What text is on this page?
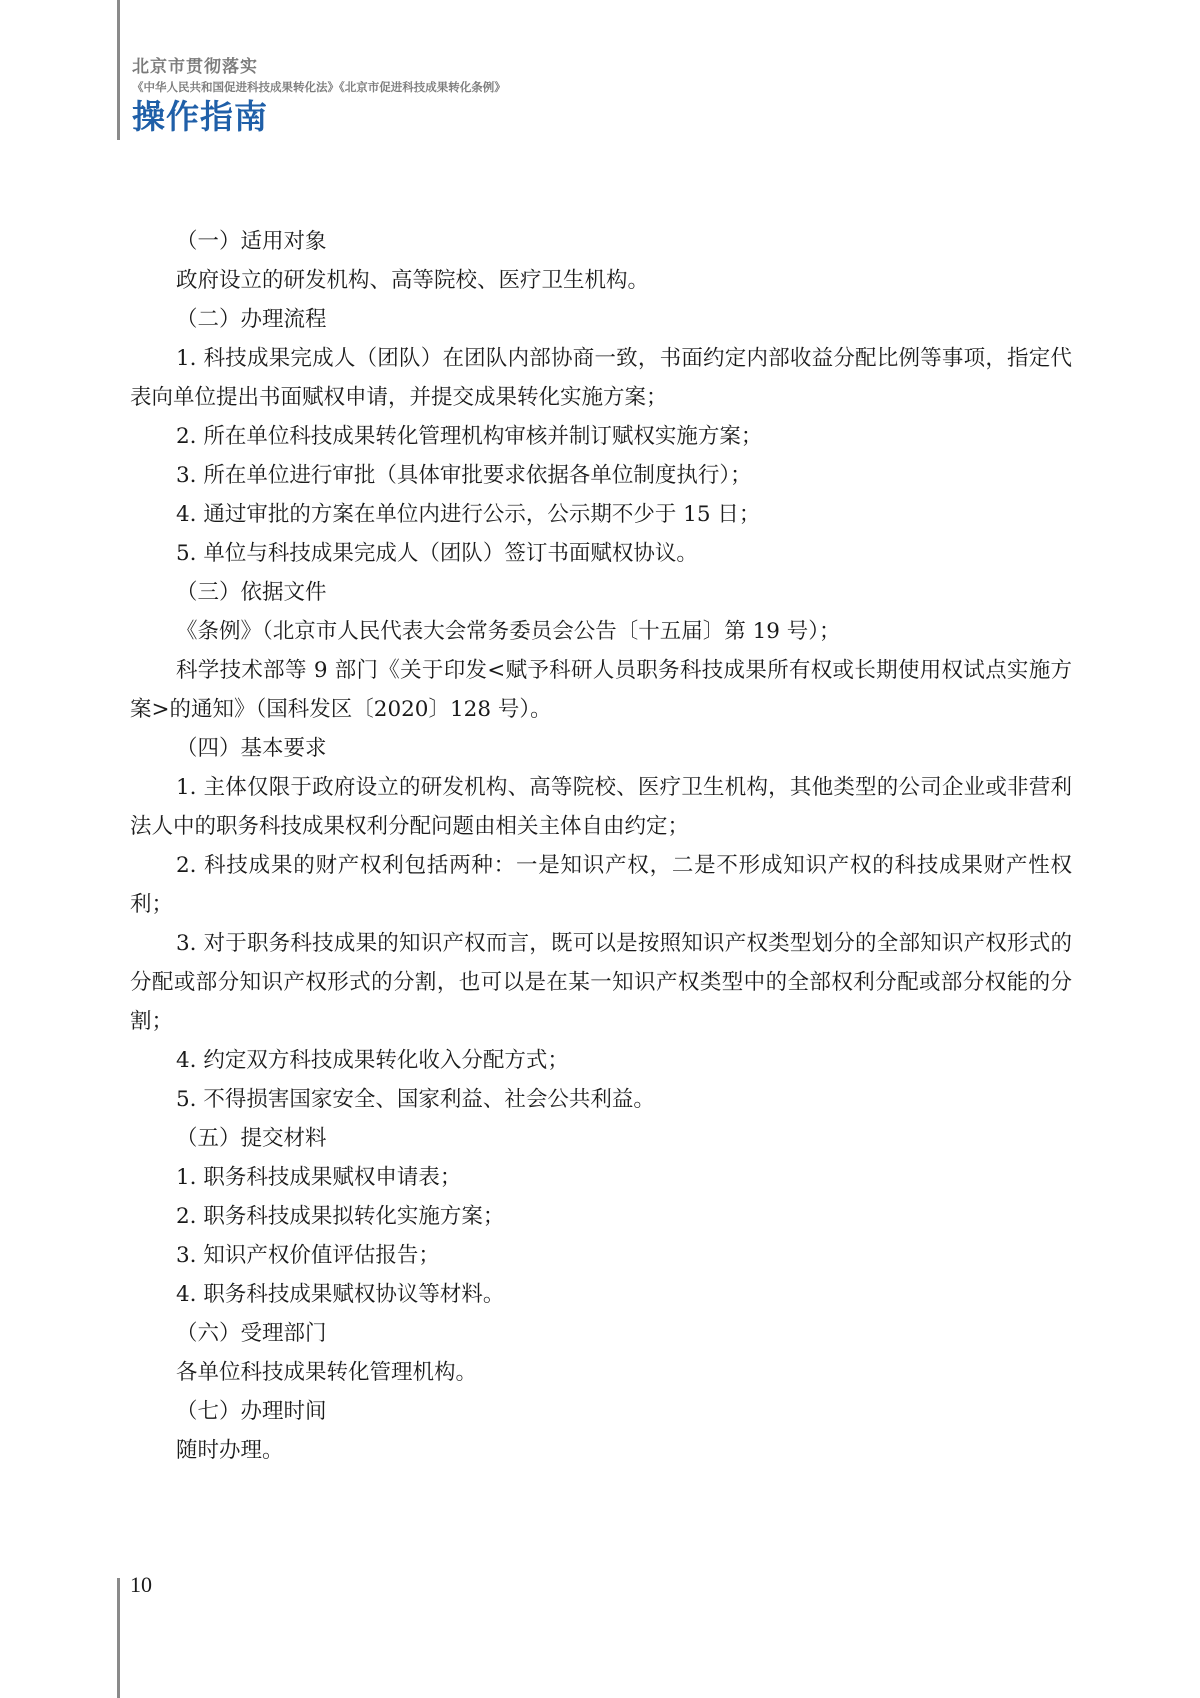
北京市贯彻落实
《中华人民共和国促进科技成果转化法》《北京市促进科技成果转化条例》
操作指南

（一）适用对象

政府设立的研发机构、高等院校、医疗卫生机构。

（二）办理流程

1. 科技成果完成人（团队）在团队内部协商一致，书面约定内部收益分配比例等事项，指定代表向单位提出书面赋权申请，并提交成果转化实施方案；

2. 所在单位科技成果转化管理机构审核并制订赋权实施方案；

3. 所在单位进行审批（具体审批要求依据各单位制度执行）；

4. 通过审批的方案在单位内进行公示，公示期不少于 15 日；

5. 单位与科技成果完成人（团队）签订书面赋权协议。

（三）依据文件

《条例》（北京市人民代表大会常务委员会公告〔十五届〕第 19 号）；

科学技术部等 9 部门《关于印发<赋予科研人员职务科技成果所有权或长期使用权试点实施方案>的通知》（国科发区〔2020〕128 号）。

（四）基本要求

1. 主体仅限于政府设立的研发机构、高等院校、医疗卫生机构，其他类型的公司企业或非营利法人中的职务科技成果权利分配问题由相关主体自由约定；

2. 科技成果的财产权利包括两种：一是知识产权，二是不形成知识产权的科技成果财产性权利；

3. 对于职务科技成果的知识产权而言，既可以是按照知识产权类型划分的全部知识产权形式的分配或部分知识产权形式的分割，也可以是在某一知识产权类型中的全部权利分配或部分权能的分割；

4. 约定双方科技成果转化收入分配方式；

5. 不得损害国家安全、国家利益、社会公共利益。

（五）提交材料

1. 职务科技成果赋权申请表；

2. 职务科技成果拟转化实施方案；

3. 知识产权价值评估报告；

4. 职务科技成果赋权协议等材料。

（六）受理部门

各单位科技成果转化管理机构。

（七）办理时间

随时办理。

10
